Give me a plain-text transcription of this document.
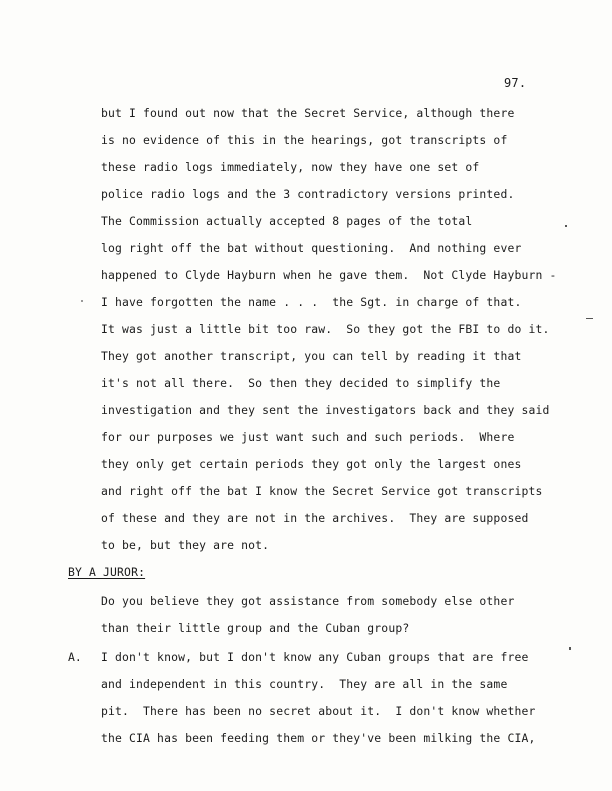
97.
but I found out now that the Secret Service, although there
is no evidence of this in the hearings, got transcripts of
these radio logs immediately, now they have one set of
police radio logs and the 3 contradictory versions printed.
The Commission actually accepted 8 pages of the total
log right off the bat without questioning.  And nothing ever
happened to Clyde Hayburn when he gave them.  Not Clyde Hayburn -
I have forgotten the name . . .  the Sgt. in charge of that.
It was just a little bit too raw.  So they got the FBI to do it.
They got another transcript, you can tell by reading it that
it's not all there.  So then they decided to simplify the
investigation and they sent the investigators back and they said
for our purposes we just want such and such periods.  Where
they only get certain periods they got only the largest ones
and right off the bat I know the Secret Service got transcripts
of these and they are not in the archives.  They are supposed
to be, but they are not.
BY A JUROR:
Do you believe they got assistance from somebody else other
than their little group and the Cuban group?
A. I don't know, but I don't know any Cuban groups that are free
and independent in this country.  They are all in the same
pit.  There has been no secret about it.  I don't know whether
the CIA has been feeding them or they've been milking the CIA,
